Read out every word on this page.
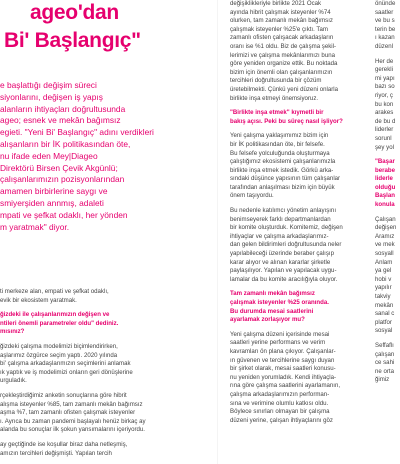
ageo'dan
Bi' Başlangıç"

e başlattığı değişim süreci

siyonlarını, değişen iş yapış

alanların ihtiyaçları doğrultusunda

ageo; esnek ve mekân bağımsız

egieti. "Yeni Bi' Başlangıç" adını verdikleri

alışanların bir İK politikasından öte,

nu ifade eden Mey|Diageo

Direktörü Birsen Çevik Akgünlü;

çalışanlarımızın pozisyonlarından

amamen birbirlerine saygı ve

smiyerşiden annmış, adaleti

mpati ve şefkat odaklı, her yönden

m yaratmak" diyor.

ti merkeze alan, empati ve şefkat odaklı,

evik bir ekosistem yaratmak.

ğizdeki ile çalışanlarımızın değişen ve

ntileri önemli parametreler oldu" dediniz.

mısınız?

ğizdeki çalışma modelimizi biçimlendirirken,

aşlarımız özgürce seçim yaptı. 2020 yılında

bi' çalışma arkadaşlarımızın seçimlerini anlamak

ık yaptık ve iş modelimizi onların geri dönüşlerine

urguladık.

rçekleştirdiğimiz anketin sonuçlarına göre hibrit

alışma isteyenler %85, tam zamanlı mekân bağımsız

aşma %7, tam zamanlı ofisten çalışmak isteyenler

ı. Ayrıca bu zaman pandemi başlayalı henüz birkaç ay

alanda bu sonuçlar ilk şokun yansımalarını içeriyordu.

ay geçtiğinde ise koşullar biraz daha netleşmiş,

amızın tercihleri değişmişti. Yapılan tercih

değişiklikleriyle birlikte 2021 Ocak

ayında hibrit çalışmak isteyenler %74

olurken, tam zamanlı mekân bağımsız

çalışmak isteyenler %25'e çıktı. Tam

zamanlı ofisten çalışacak arkadaşların

oranı ise %1 oldu. Biz de çalışma şekil-

lerimizi ve çalışma mekânlarımızı buna

göre yeniden organize ettik. Bu noktada

bizim için önemli olan çalışanlarımızın

tercihleri doğrultusunda bir çözüm

üretebilmekti. Çünkü yeni düzeni onlarla

birlikte inşa etmeyi önemsiyoruz.

"Birlikte inşa etmek" kıymetli bir

bakış açısı. Peki bu süreç nasıl işliyor?

Yeni çalışma yaklaşımımız bizim için

bir İK politikasından öte, bir felsefe.

Bu felsefe yolculuğunda oluşturmaya

çalıştığımız ekosistemi çalışanlarımızla

birlikte inşa etmek istedik. Görkü arka-

sındaki düşünce yapısının tüm çalışanlar

tarafından anlaşılması bizim için büyük

önem taşıyordu.

Bu nedenle katılımcı yönetim anlayışını

benimseyerek farklı departmanlardan

bir komite oluşturduk. Komitemiz, değişen

ihtiyaçlar ve çalışma arkadaşlarımız-

dan gelen bildirimleri doğrultusunda neler

yapılabileceği üzerinde beraber çalışıp

karar alıyor ve alınan kararlar şirketle

paylaşılıyor. Yapılan ve yapılacak uygu-

lamalar da bu komite aracılığıyla oluyor.

Tam zamanlı mekân bağımsız

çalışmak isteyenler %25 oranında.

Bu durumda mesai saatlerini

ayarlamak zorlaşıyor mu?

Yeni çalışma düzeni içerisinde mesai

saatleri yerine performans ve verim

kavramları ön plana çıkıyor. Çalışanlar-

ın güvenen ve tercihlerine saygı duyan

bir şirket olarak, mesai saatleri konusu-

nu yeniden yorumladık. Kendi ihtiyaçla-

rına göre çalışma saatlerini ayarlamanın,

çalışma arkadaşlarımızın performan-

sına ve verimine olumlu katkısı oldu.

Böylece sınırları olmayan bir çalışma

düzeni yerine, çalışan ihtiyaçlarını göz

önünde

saatler

ve bu s

terin be

ı kazan

düzenl

Her de

gerekli

mi yapı

bazı so

riyor, ç

bu kon

arakes

de bu d

liderler

sorunl

şey yol

"Başar

berabe

liderle

olduğu

Başlan

konula

Çalışan

değişen

Aramız

ve mek

sosyall

Anlam

ya gel

hobi v

yapılır

takviy

mekân

sanal c

platfor

sosyal

Seffaflı

çalışan

ce sahi

ne orta

ğimiz
